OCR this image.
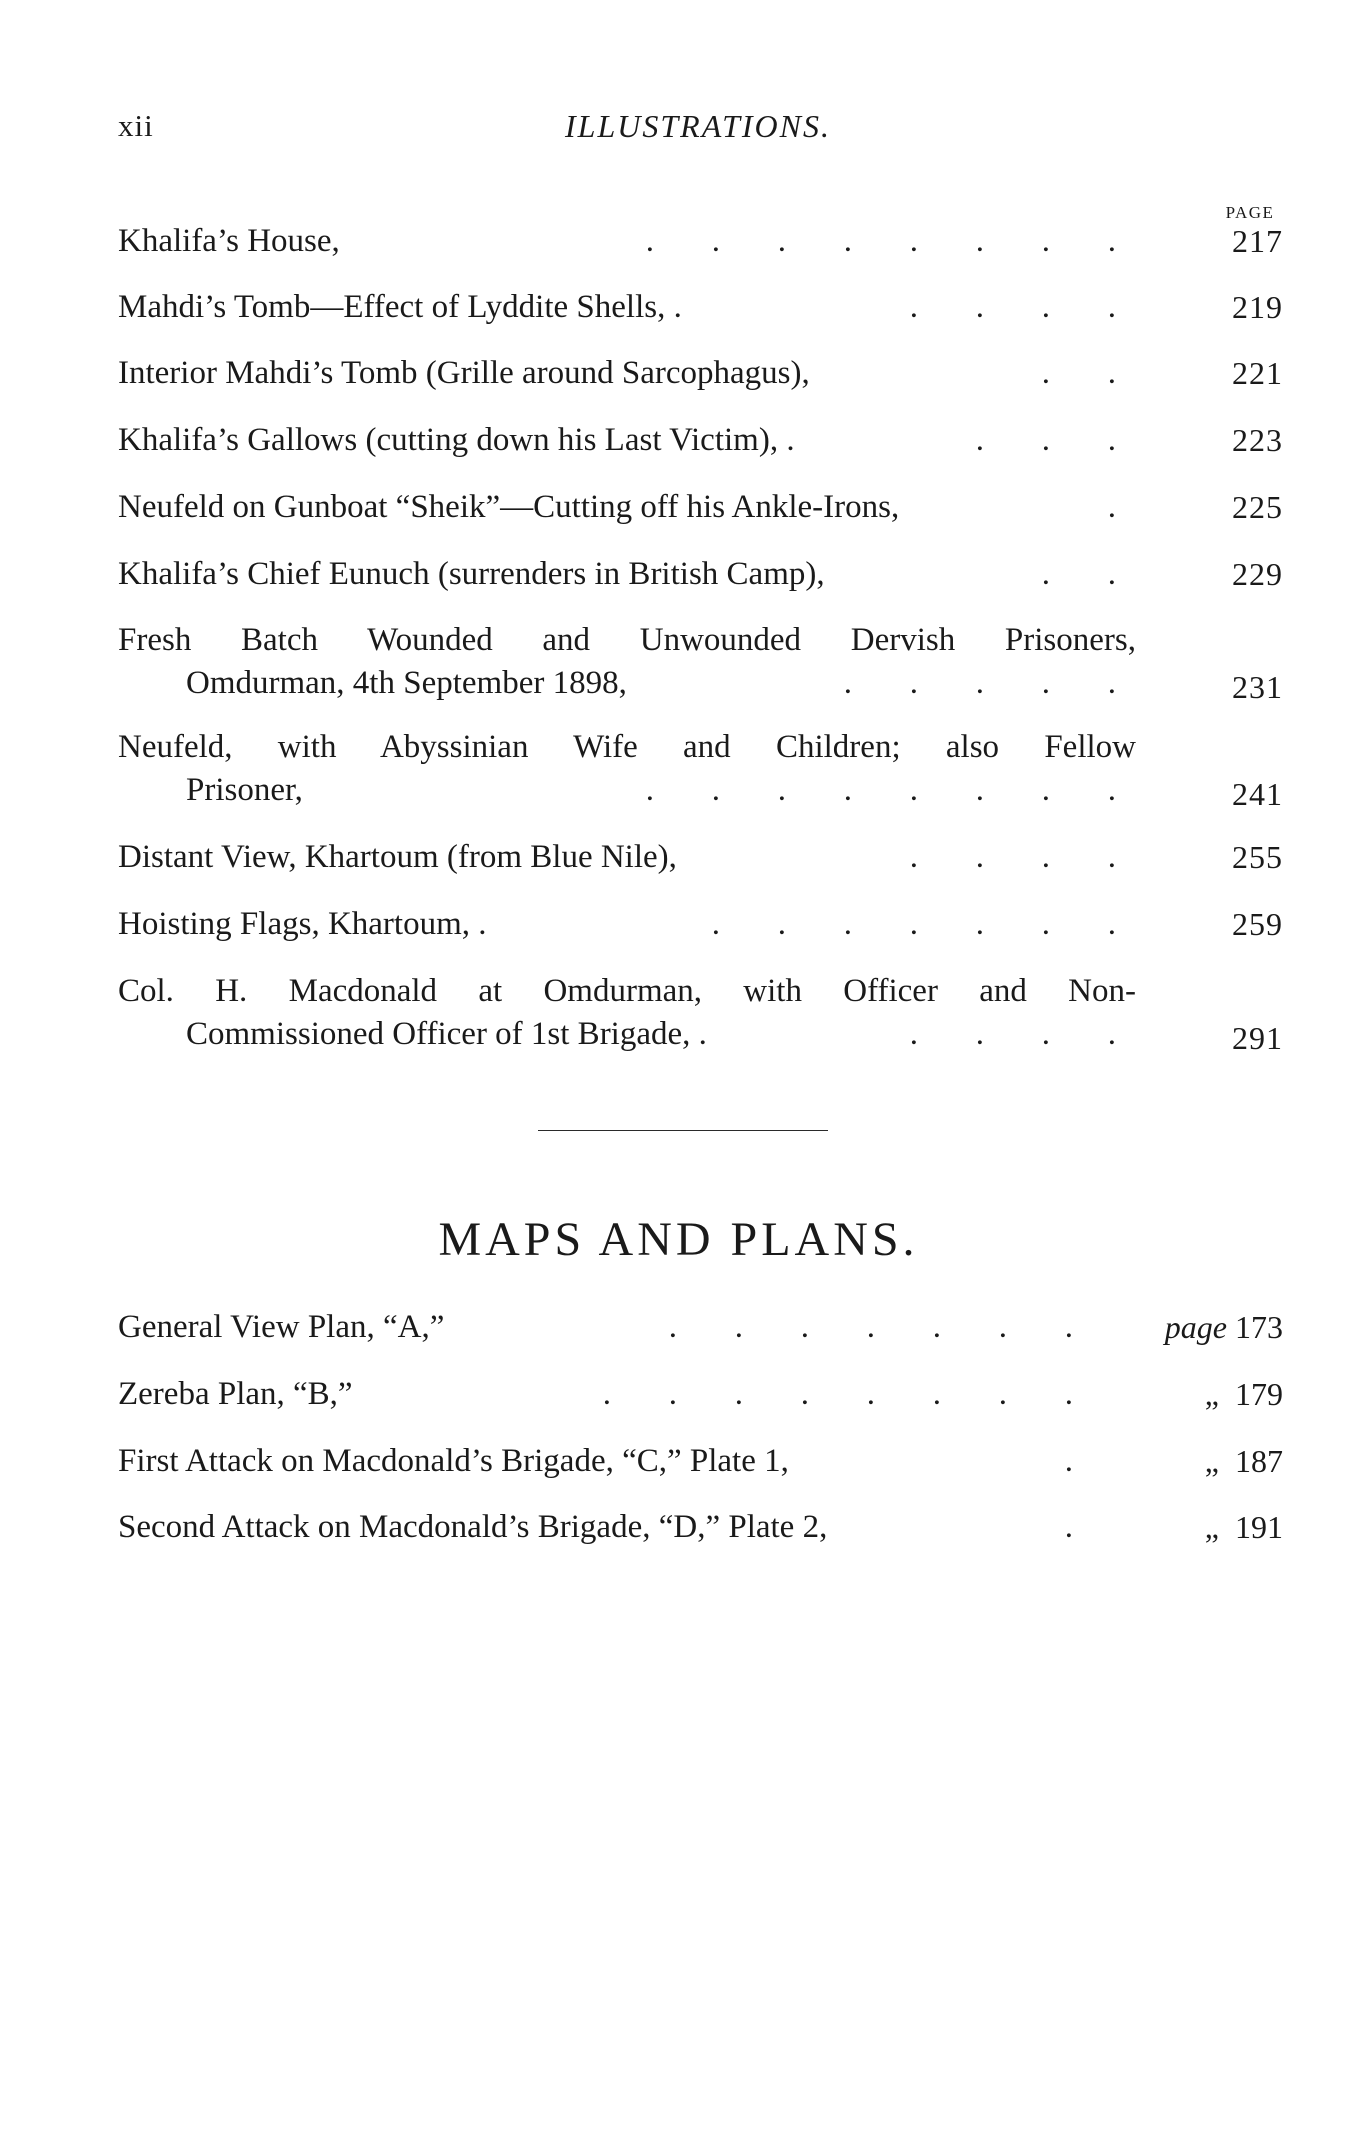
xii	ILLUSTRATIONS.
PAGE
Khalifa’s House,	.       .       .       .       .       .       .       .	217
Mahdi’s Tomb—Effect of Lyddite Shells, .	.       .       .       .	219
Interior Mahdi’s Tomb (Grille around Sarcophagus),	.       .	221
Khalifa’s Gallows (cutting down his Last Victim), .	.       .       .	223
Neufeld on Gunboat “Sheik”—Cutting off his Ankle-Irons,	.	225
Khalifa’s Chief Eunuch (surrenders in British Camp),	.       .	229
Fresh Batch Wounded and Unwounded Dervish Prisoners,
Omdurman, 4th September 1898,	.       .       .       .       .	231
Neufeld, with Abyssinian Wife and Children; also Fellow
Prisoner,	.       .       .       .       .       .       .       .	241
Distant View, Khartoum (from Blue Nile),	.       .       .       .	255
Hoisting Flags, Khartoum, .	.       .       .       .       .       .       .	259
Col. H. Macdonald at Omdurman, with Officer and Non-
Commissioned Officer of 1st Brigade, .	.       .       .       .	291
MAPS AND PLANS.
General View Plan, “A,”	.       .       .       .       .       .       .	page 173
Zereba Plan, “B,”	.       .       .       .       .       .       .       .	„ 179
First Attack on Macdonald’s Brigade, “C,” Plate 1,	.	„ 187
Second Attack on Macdonald’s Brigade, “D,” Plate 2,	.	„ 191
